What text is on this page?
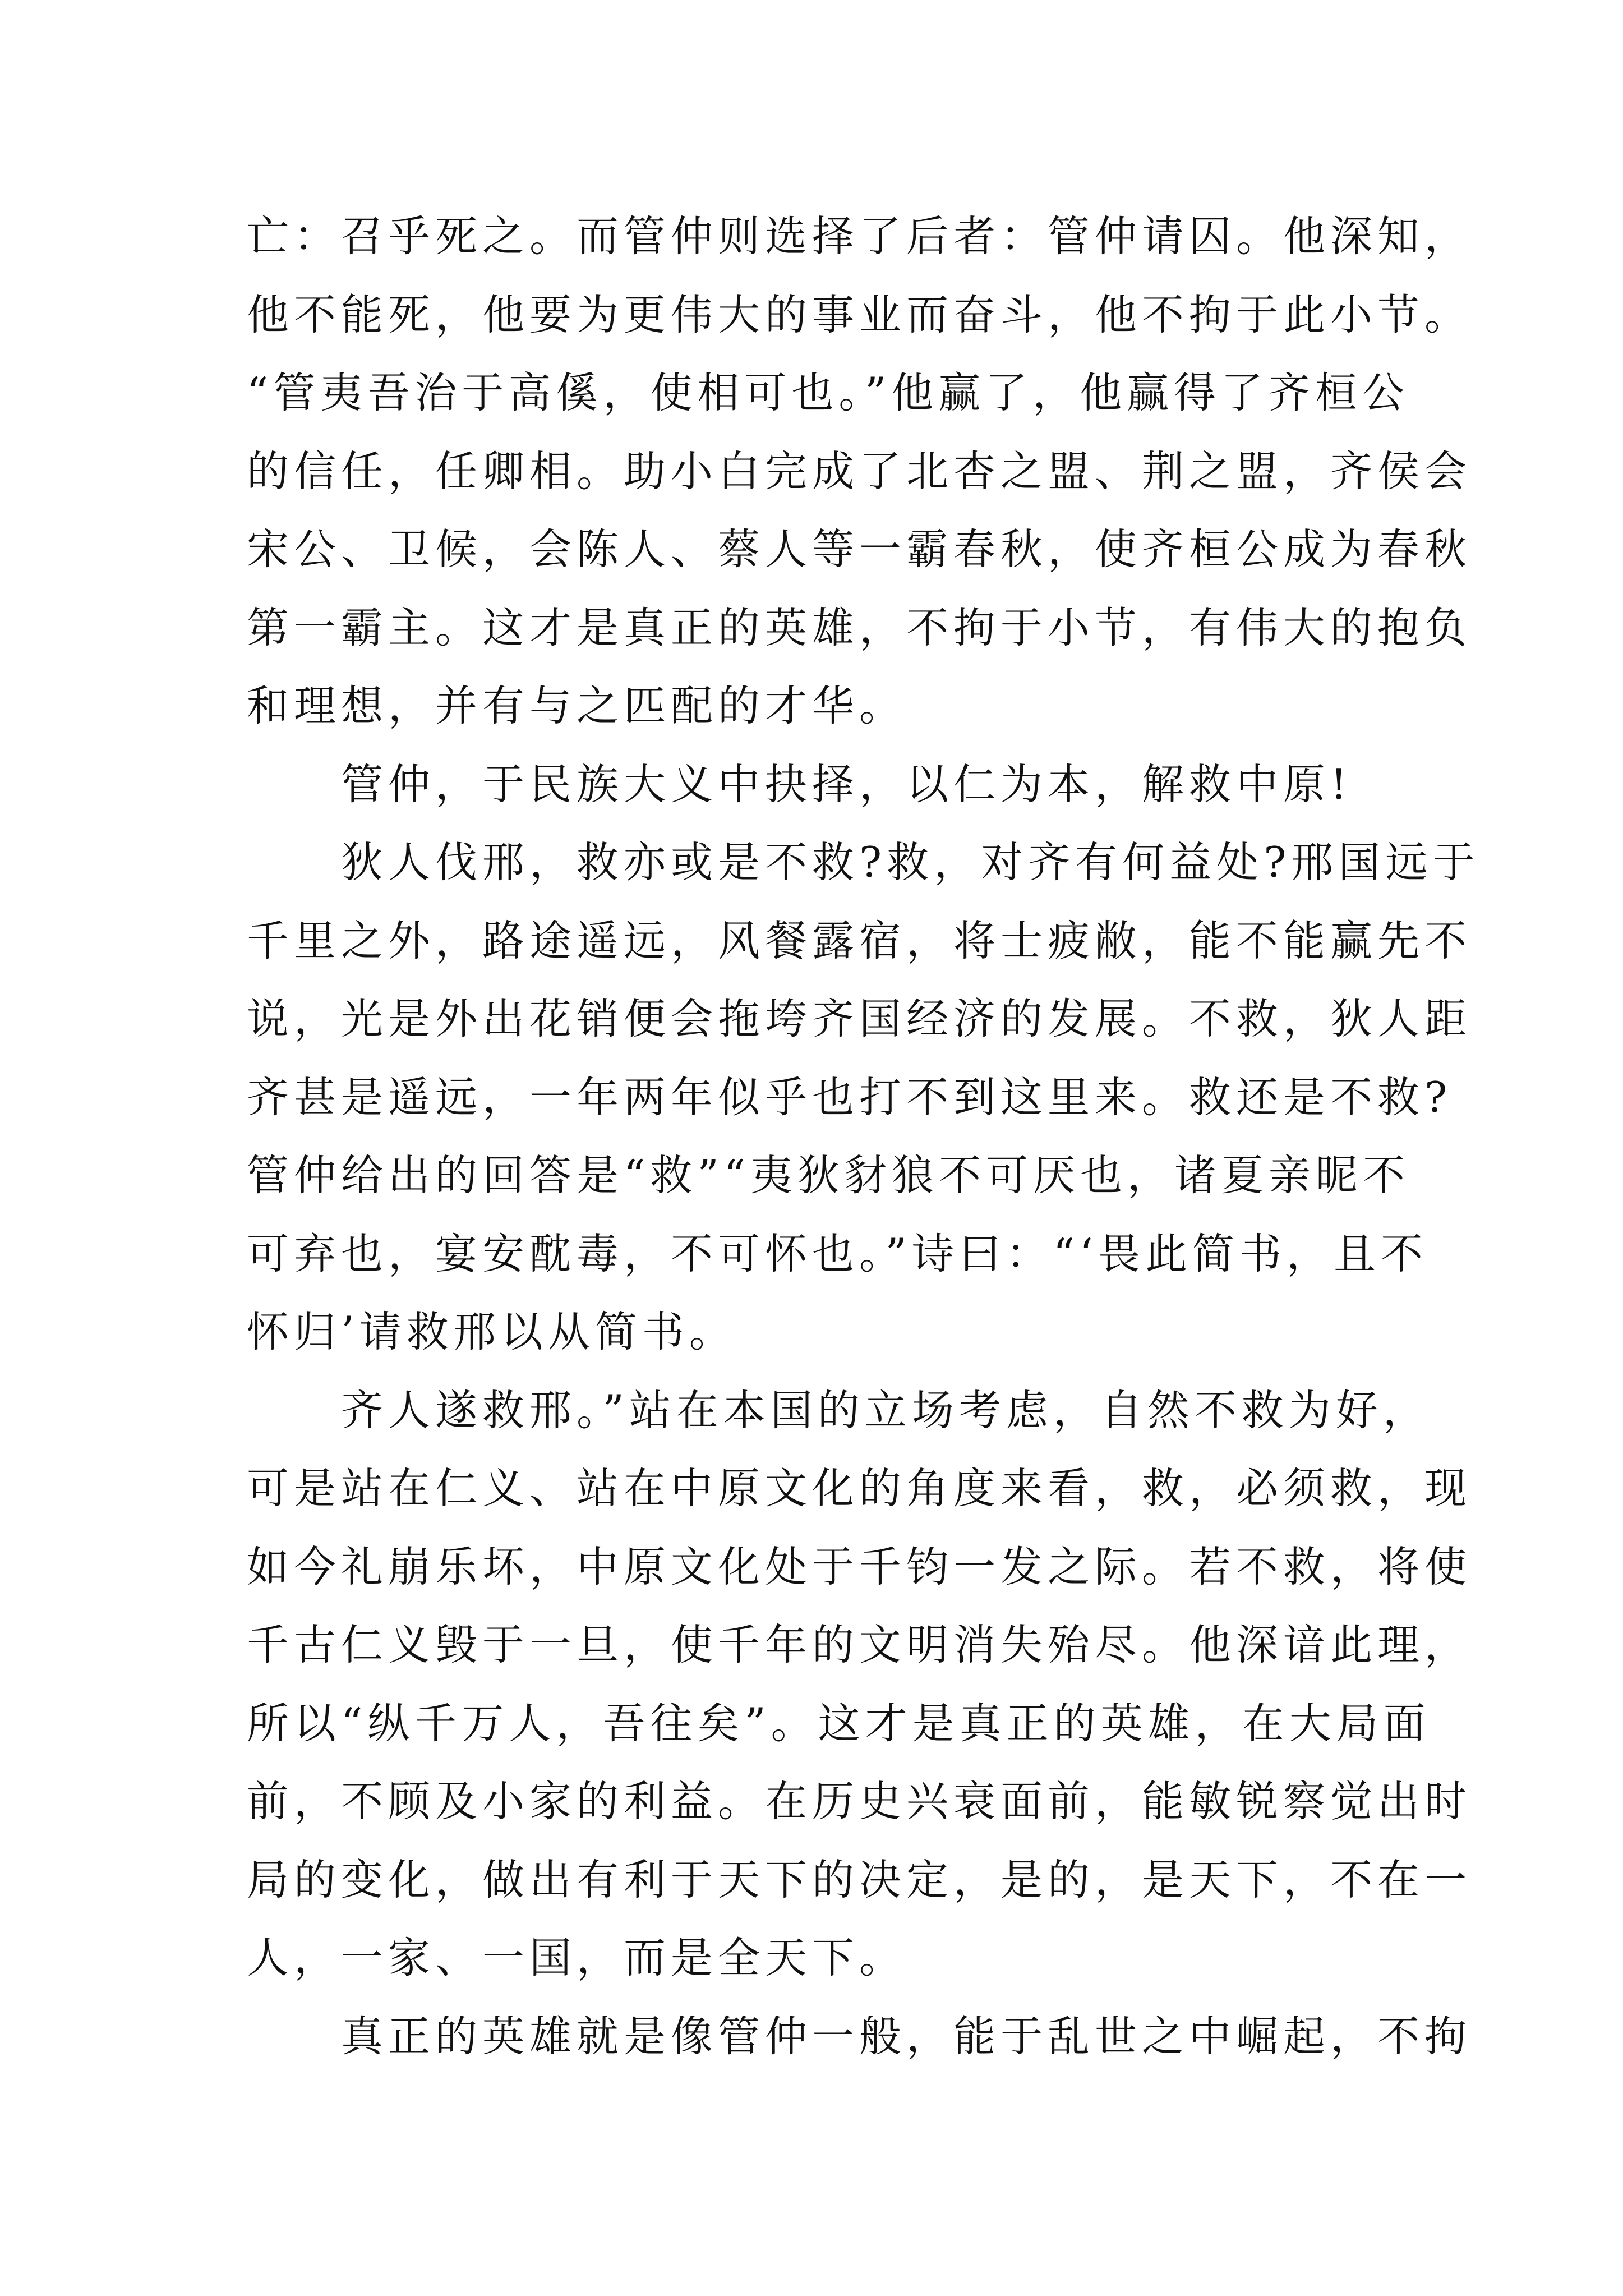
亡：召乎死之。而管仲则选择了后者：管仲请囚。他深知，
他不能死，他要为更伟大的事业而奋斗，他不拘于此小节。
“管夷吾治于高傒，使相可也。”他赢了，他赢得了齐桓公
的信任，任卿相。助小白完成了北杏之盟、荆之盟，齐侯会
宋公、卫候，会陈人、蔡人等一霸春秋，使齐桓公成为春秋
第一霸主。这才是真正的英雄，不拘于小节，有伟大的抱负
和理想，并有与之匹配的才华。
管仲，于民族大义中抉择，以仁为本，解救中原!
狄人伐邢，救亦或是不救?救，对齐有何益处?邢国远于
千里之外，路途遥远，风餐露宿，将士疲敝，能不能赢先不
说，光是外出花销便会拖垮齐国经济的发展。不救，狄人距
齐甚是遥远，一年两年似乎也打不到这里来。救还是不救?
管仲给出的回答是“救”“夷狄豺狼不可厌也，诸夏亲昵不
可弃也，宴安酖毒，不可怀也。”诗曰：“‘畏此简书，且不
怀归’请救邢以从简书。
齐人遂救邢。”站在本国的立场考虑，自然不救为好，
可是站在仁义、站在中原文化的角度来看，救，必须救，现
如今礼崩乐坏，中原文化处于千钧一发之际。若不救，将使
千古仁义毁于一旦，使千年的文明消失殆尽。他深谙此理，
所以“纵千万人，吾往矣”。这才是真正的英雄，在大局面
前，不顾及小家的利益。在历史兴衰面前，能敏锐察觉出时
局的变化，做出有利于天下的决定，是的，是天下，不在一
人，一家、一国，而是全天下。
真正的英雄就是像管仲一般，能于乱世之中崛起，不拘
